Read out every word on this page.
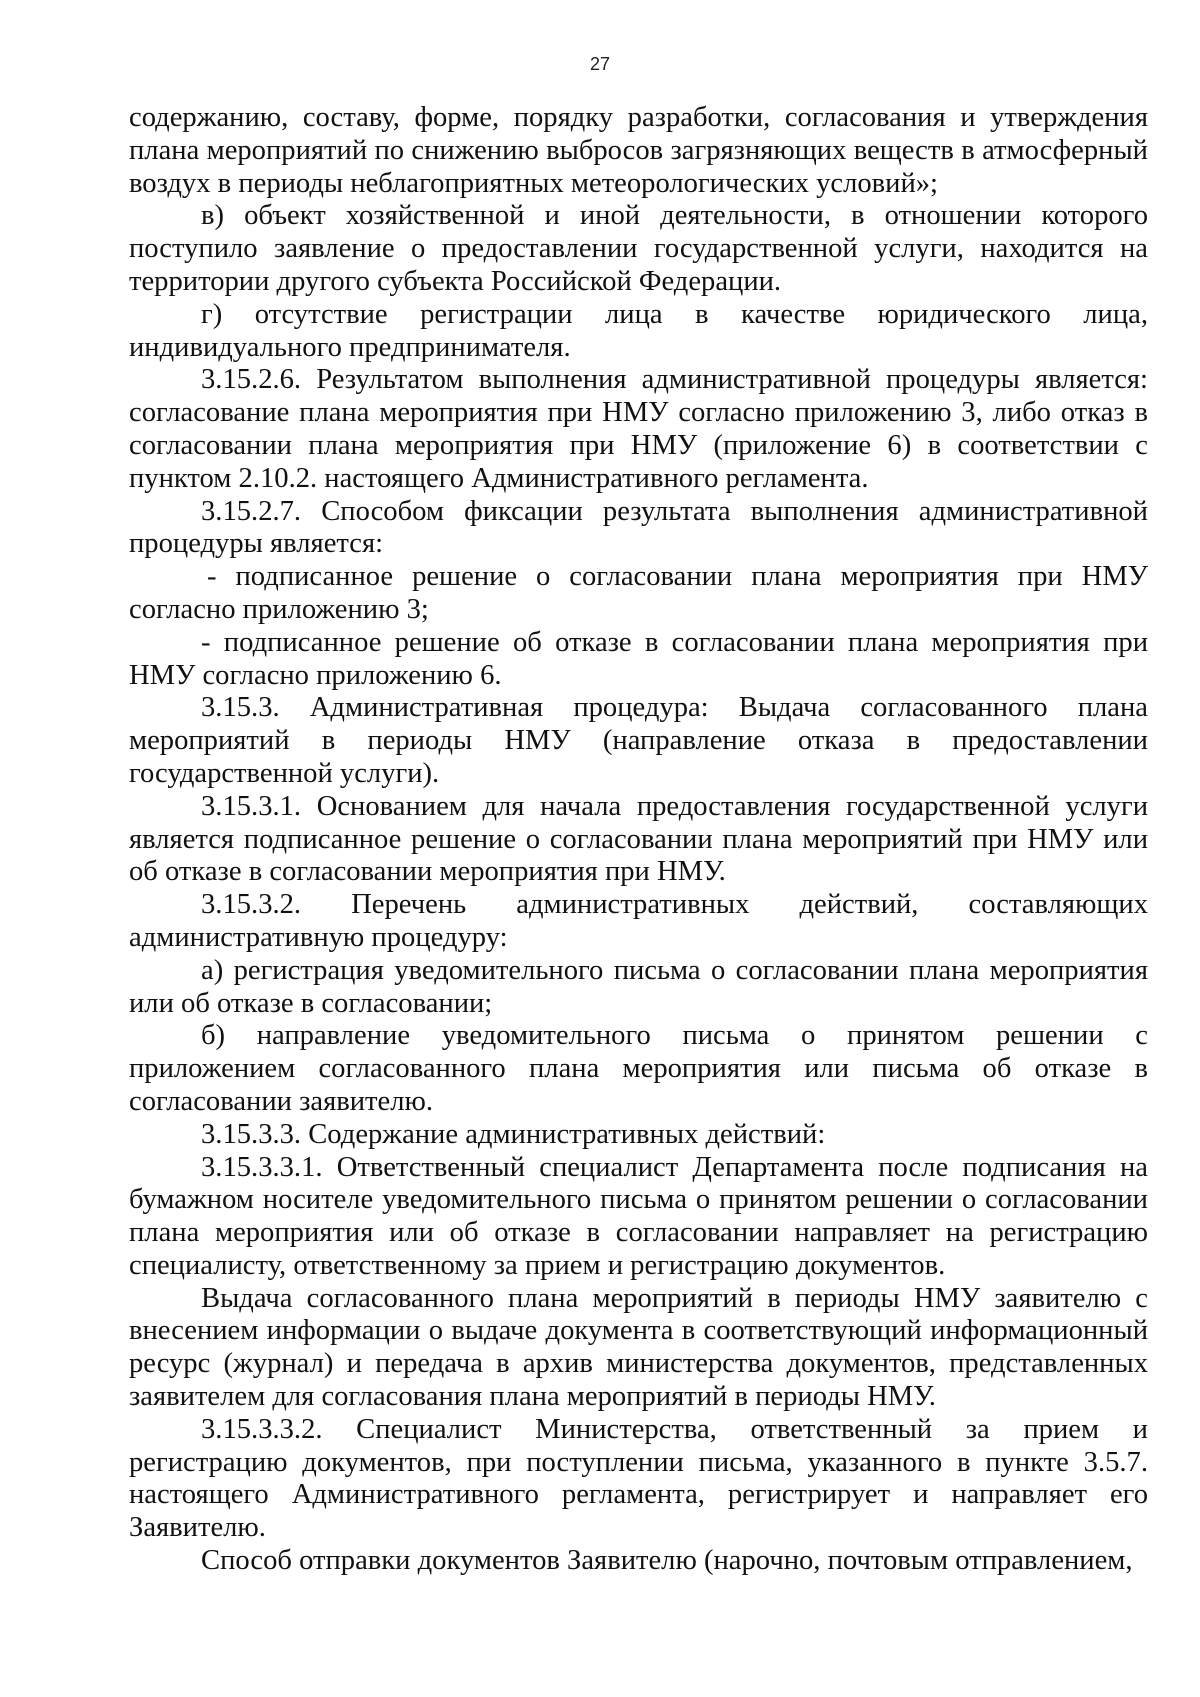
27

содержанию, составу, форме, порядку разработки, согласования и утверждения плана мероприятий по снижению выбросов загрязняющих веществ в атмосферный воздух в периоды неблагоприятных метеорологических условий»;

в) объект хозяйственной и иной деятельности, в отношении которого поступило заявление о предоставлении государственной услуги, находится на территории другого субъекта Российской Федерации.

г) отсутствие регистрации лица в качестве юридического лица, индивидуального предпринимателя.

3.15.2.6. Результатом выполнения административной процедуры является: согласование плана мероприятия при НМУ согласно приложению 3, либо отказ в согласовании плана мероприятия при НМУ (приложение 6) в соответствии с пунктом 2.10.2. настоящего Административного регламента.

3.15.2.7. Способом фиксации результата выполнения административной процедуры является:

- подписанное решение о согласовании плана мероприятия при НМУ согласно приложению 3;

- подписанное решение об отказе в согласовании плана мероприятия при НМУ согласно приложению 6.

3.15.3. Административная процедура: Выдача согласованного плана мероприятий в периоды НМУ (направление отказа в предоставлении государственной услуги).

3.15.3.1. Основанием для начала предоставления государственной услуги является подписанное решение о согласовании плана мероприятий при НМУ или об отказе в согласовании мероприятия при НМУ.

3.15.3.2. Перечень административных действий, составляющих административную процедуру:

а) регистрация уведомительного письма о согласовании плана мероприятия или об отказе в согласовании;

б) направление уведомительного письма о принятом решении с приложением согласованного плана мероприятия или письма об отказе в согласовании заявителю.

3.15.3.3. Содержание административных действий:

3.15.3.3.1. Ответственный специалист Департамента после подписания на бумажном носителе уведомительного письма о принятом решении о согласовании плана мероприятия или об отказе в согласовании направляет на регистрацию специалисту, ответственному за прием и регистрацию документов.

Выдача согласованного плана мероприятий в периоды НМУ заявителю с внесением информации о выдаче документа в соответствующий информационный ресурс (журнал) и передача в архив министерства документов, представленных заявителем для согласования плана мероприятий в периоды НМУ.

3.15.3.3.2. Специалист Министерства, ответственный за прием и регистрацию документов, при поступлении письма, указанного в пункте 3.5.7. настоящего Административного регламента, регистрирует и направляет его Заявителю.

Способ отправки документов Заявителю (нарочно, почтовым отправлением,
